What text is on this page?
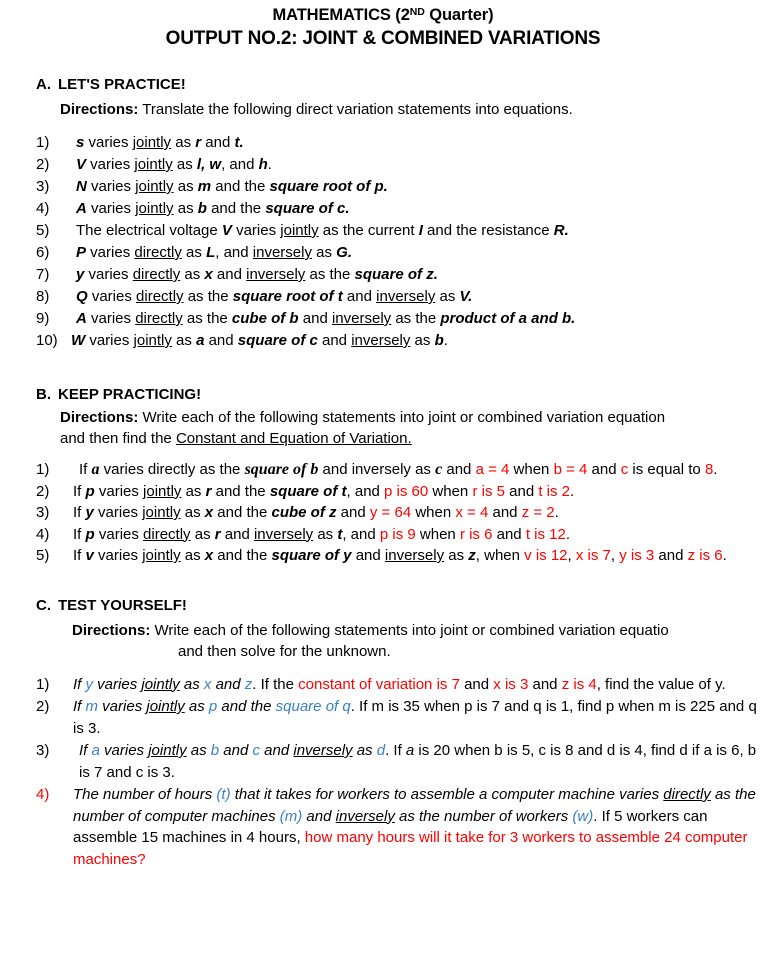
MATHEMATICS (2ND Quarter)
OUTPUT NO.2: JOINT & COMBINED VARIATIONS
A. LET'S PRACTICE!
Directions: Translate the following direct variation statements into equations.
1)	s varies jointly as r and t.
2)	V varies jointly as l, w, and h.
3)	N varies jointly as m and the square root of p.
4)	A varies jointly as b and the square of c.
5)	The electrical voltage V varies jointly as the current I and the resistance R.
6)	P varies directly as L, and inversely as G.
7)	y varies directly as x and inversely as the square of z.
8)	Q varies directly as the square root of t and inversely as V.
9)	A varies directly as the cube of b and inversely as the product of a and b.
10) W varies jointly as a and square of c and inversely as b.
B. KEEP PRACTICING!
Directions: Write each of the following statements into joint or combined variation equation
and then find the Constant and Equation of Variation.
1)	If a varies directly as the square of b and inversely as c and a = 4 when b = 4 and c is equal to 8.
2)	If p varies jointly as r and the square of t, and p is 60 when r is 5 and t is 2.
3)	If y varies jointly as x and the cube of z and y = 64 when x = 4 and z = 2.
4)	If p varies directly as r and inversely as t, and p is 9 when r is 6 and t is 12.
5)	If v varies jointly as x and the square of y and inversely as z, when v is 12, x is 7, y is 3 and z is 6.
C. TEST YOURSELF!
Directions: Write each of the following statements into joint or combined variation equatio
and then solve for the unknown.
1)	If y varies jointly as x and z. If the constant of variation is 7 and x is 3 and z is 4, find the value of y.
2)	If m varies jointly as p and the square of q. If m is 35 when p is 7 and q is 1, find p when m is 225 and q is 3.
3)	If a varies jointly as b and c and inversely as d. If a is 20 when b is 5, c is 8 and d is 4, find d if a is 6, b is 7 and c is 3.
4)	The number of hours (t) that it takes for workers to assemble a computer machine varies directly as the number of computer machines (m) and inversely as the number of workers (w). If 5 workers can assemble 15 machines in 4 hours, how many hours will it take for 3 workers to assemble 24 computer machines?
